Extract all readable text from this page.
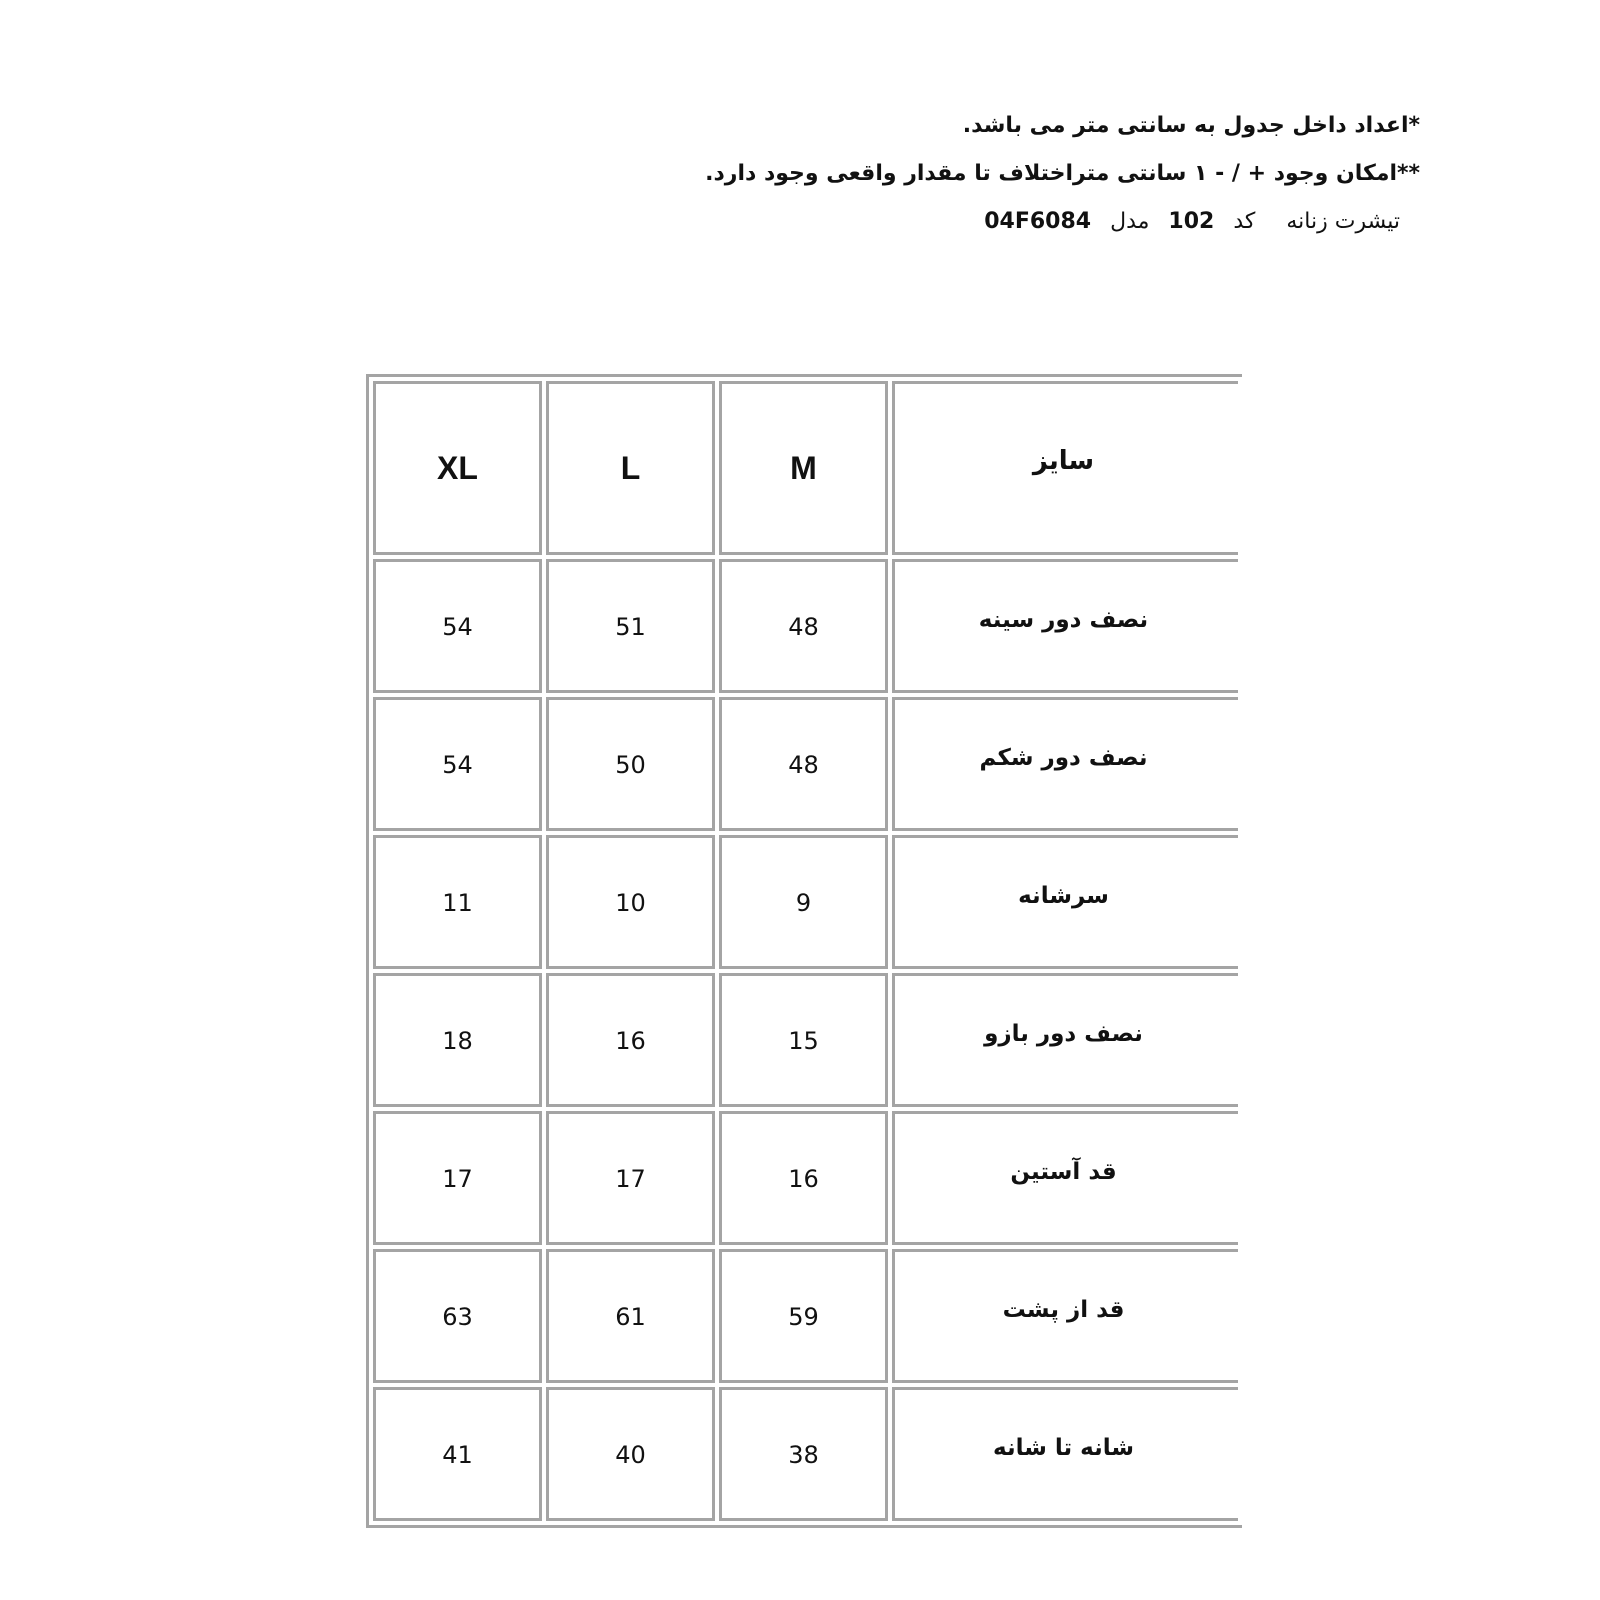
*اعداد داخل جدول به سانتی متر می باشد.
**امکان وجود + / - ۱ سانتی متراختلاف تا مقدار واقعی وجود دارد.
تیشرت زنانه کد 102 مدل 04F6084
XL	L	M	سایز
54	51	48	نصف دور سینه
54	50	48	نصف دور شکم
11	10	9	سرشانه
18	16	15	نصف دور بازو
17	17	16	قد آستین
63	61	59	قد از پشت
41	40	38	شانه تا شانه
